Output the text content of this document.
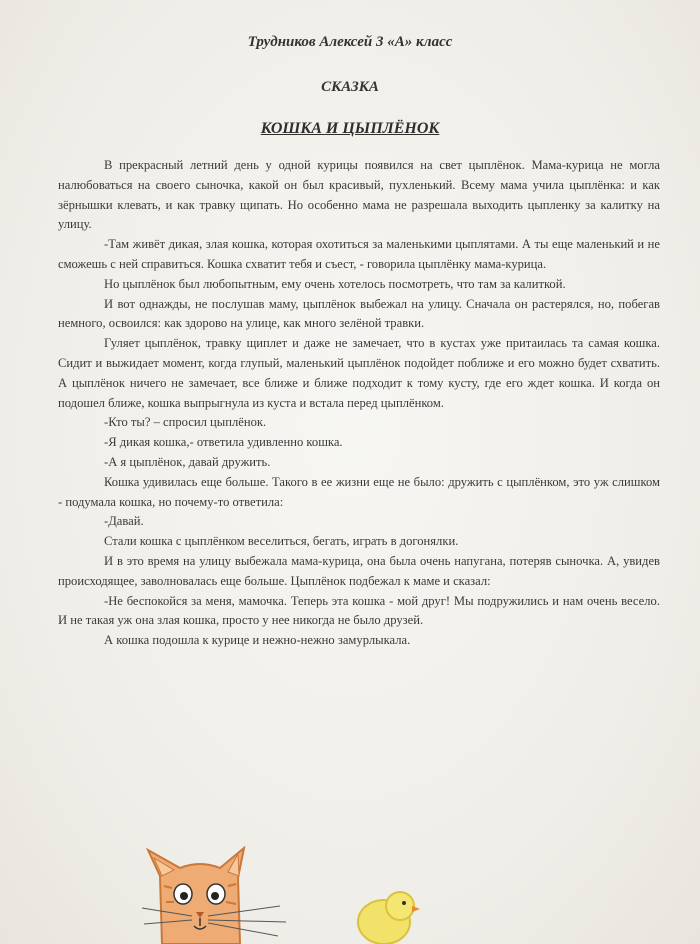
Трудников Алексей 3 «А» класс
СКАЗКА
КОШКА И ЦЫПЛЁНОК

В прекрасный летний день у одной курицы появился на свет цыплёнок. Мама-курица не могла налюбоваться на своего сыночка, какой он был красивый, пухленький. Всему мама учила цыплёнка: и как зёрнышки клевать, и как травку щипать. Но особенно мама не разрешала выходить цыпленку за калитку на улицу.

-Там живёт дикая, злая кошка, которая охотиться за маленькими цыплятами. А ты еще маленький и не сможешь с ней справиться. Кошка схватит тебя и съест, - говорила цыплёнку мама-курица.

Но цыплёнок был любопытным, ему очень хотелось посмотреть, что там за калиткой.

И вот однажды, не послушав маму, цыплёнок выбежал на улицу. Сначала он растерялся, но, побегав немного, освоился: как здорово на улице, как много зелёной травки.

Гуляет цыплёнок, травку щиплет и даже не замечает, что в кустах уже притаилась та самая кошка. Сидит и выжидает момент, когда глупый, маленький цыплёнок подойдет поближе и его можно будет схватить. А цыплёнок ничего не замечает, все ближе и ближе подходит к тому кусту, где его ждет кошка. И когда он подошел ближе, кошка выпрыгнула из куста и встала перед цыплёнком.

-Кто ты? – спросил цыплёнок.

-Я дикая кошка,- ответила удивленно кошка.

-А я цыплёнок, давай дружить.

Кошка удивилась еще больше. Такого в ее жизни еще не было: дружить с цыплёнком, это уж слишком - подумала кошка, но почему-то ответила:

-Давай.

Стали кошка с цыплёнком веселиться, бегать, играть в догонялки.

И в это время на улицу выбежала мама-курица, она была очень напугана, потеряв сыночка. А, увидев происходящее, заволновалась еще больше. Цыплёнок подбежал к маме и сказал:

-Не беспокойся за меня, мамочка. Теперь эта кошка - мой друг! Мы подружились и нам очень весело. И не такая уж она злая кошка, просто у нее никогда не было друзей.

А кошка подошла к курице и нежно-нежно замурлыкала.
